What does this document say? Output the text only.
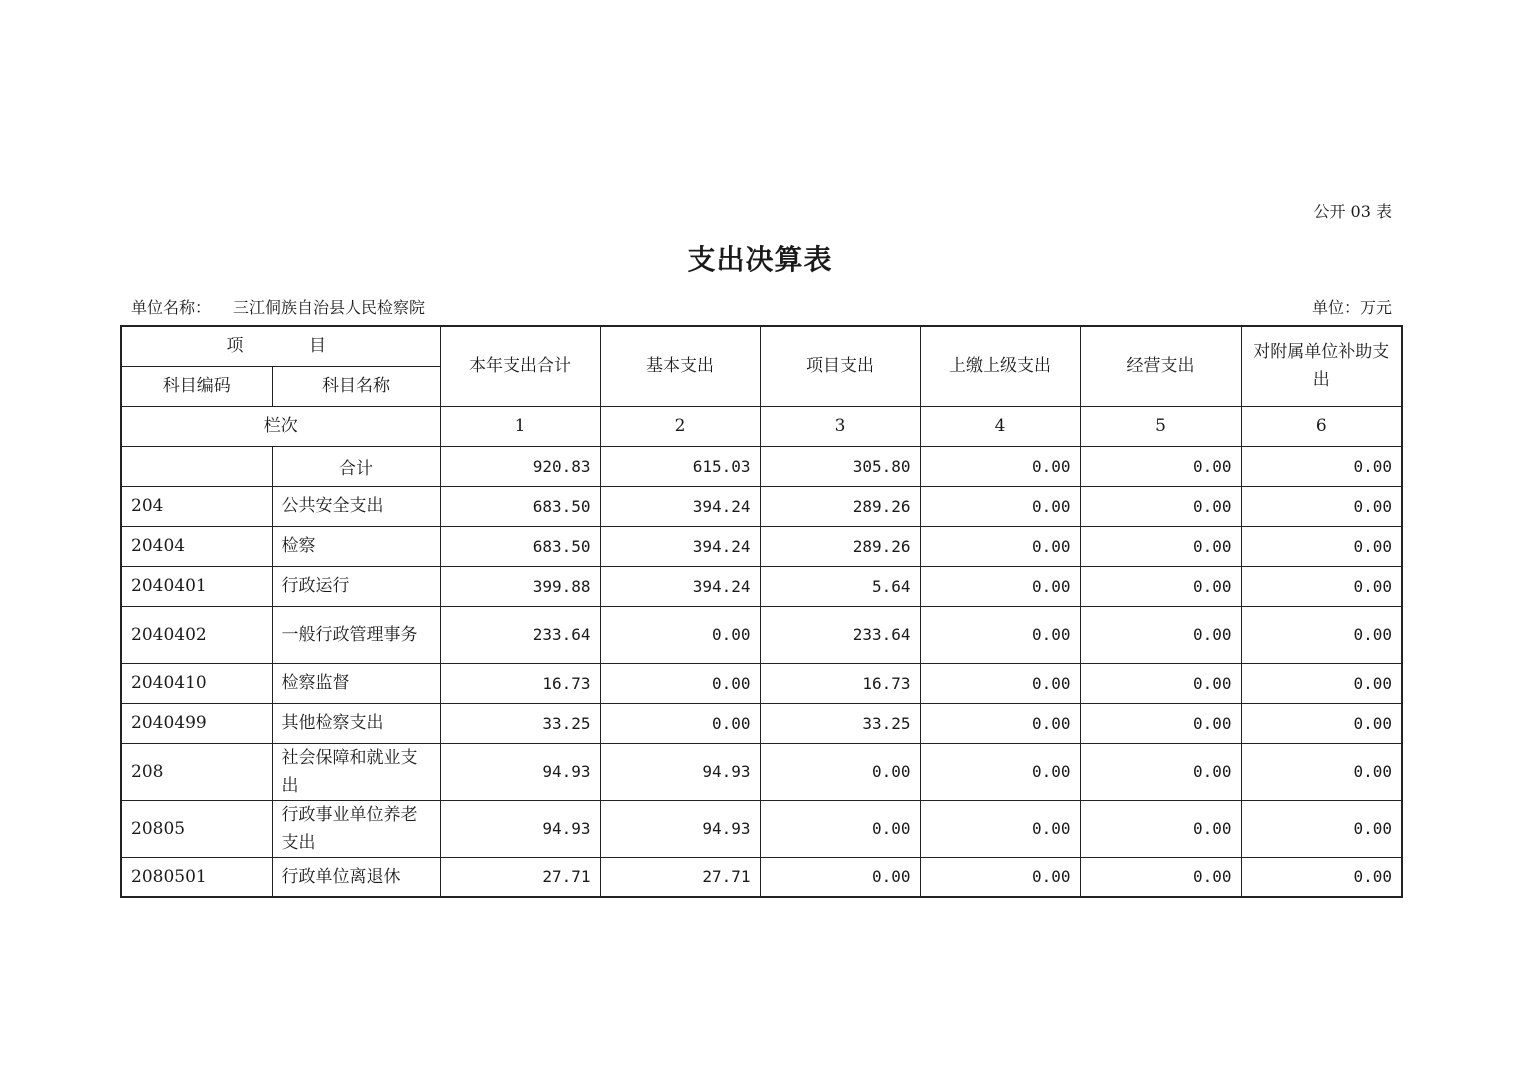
公开 03 表
支出决算表
单位名称： 三江侗族自治县人民检察院	单位：万元
项 目		本年支出合计	基本支出	项目支出	上缴上级支出	经营支出	对附属单位补助支出
科目编码	科目名称						
栏次		1	2	3	4	5	6
	合计	920.83	615.03	305.80	0.00	0.00	0.00
204	公共安全支出	683.50	394.24	289.26	0.00	0.00	0.00
20404	检察	683.50	394.24	289.26	0.00	0.00	0.00
2040401	行政运行	399.88	394.24	5.64	0.00	0.00	0.00
2040402	一般行政管理事务	233.64	0.00	233.64	0.00	0.00	0.00
2040410	检察监督	16.73	0.00	16.73	0.00	0.00	0.00
2040499	其他检察支出	33.25	0.00	33.25	0.00	0.00	0.00
208	社会保障和就业支出	94.93	94.93	0.00	0.00	0.00	0.00
20805	行政事业单位养老支出	94.93	94.93	0.00	0.00	0.00	0.00
2080501	行政单位离退休	27.71	27.71	0.00	0.00	0.00	0.00
